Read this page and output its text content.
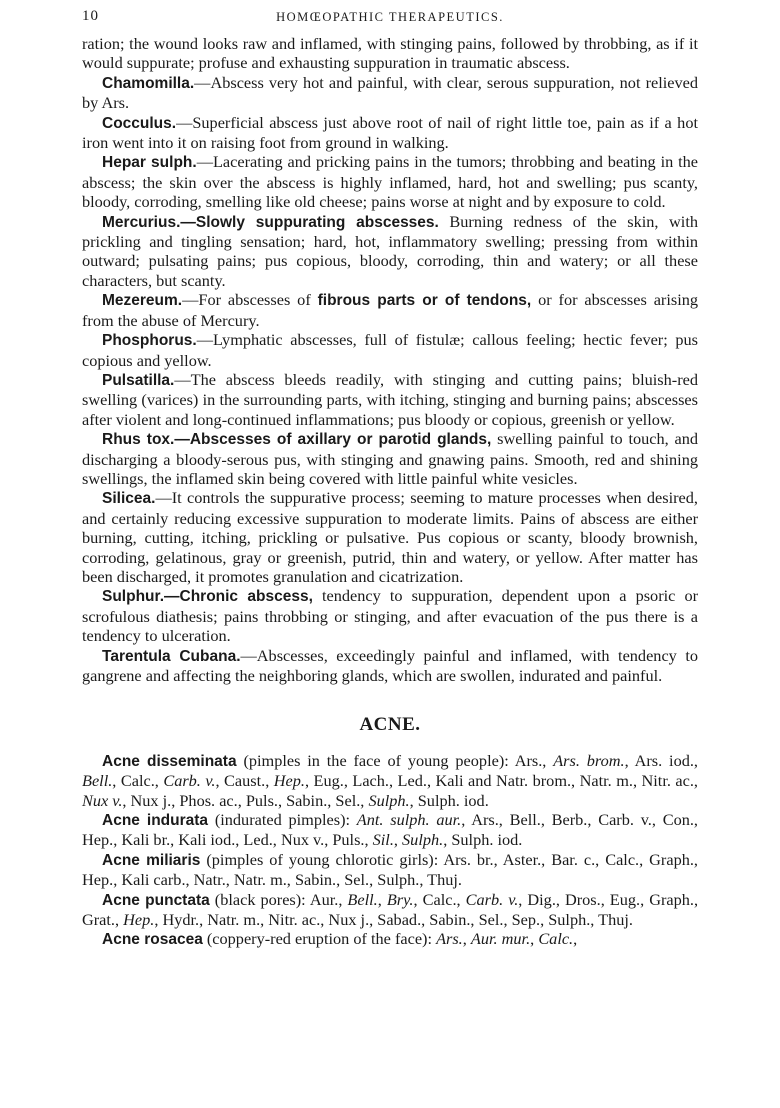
10	HOMŒOPATHIC THERAPEUTICS.

ration; the wound looks raw and inflamed, with stinging pains, followed by throbbing, as if it would suppurate; profuse and exhausting suppuration in traumatic abscess.

Chamomilla.—Abscess very hot and painful, with clear, serous suppuration, not relieved by Ars.

Cocculus.—Superficial abscess just above root of nail of right little toe, pain as if a hot iron went into it on raising foot from ground in walking.

Hepar sulph.—Lacerating and pricking pains in the tumors; throbbing and beating in the abscess; the skin over the abscess is highly inflamed, hard, hot and swelling; pus scanty, bloody, corroding, smelling like old cheese; pains worse at night and by exposure to cold.

Mercurius.—Slowly suppurating abscesses. Burning redness of the skin, with prickling and tingling sensation; hard, hot, inflammatory swelling; pressing from within outward; pulsating pains; pus copious, bloody, corroding, thin and watery; or all these characters, but scanty.

Mezereum.—For abscesses of fibrous parts or of tendons, or for abscesses arising from the abuse of Mercury.

Phosphorus.—Lymphatic abscesses, full of fistulæ; callous feeling; hectic fever; pus copious and yellow.

Pulsatilla.—The abscess bleeds readily, with stinging and cutting pains; bluish-red swelling (varices) in the surrounding parts, with itching, stinging and burning pains; abscesses after violent and long-continued inflammations; pus bloody or copious, greenish or yellow.

Rhus tox.—Abscesses of axillary or parotid glands, swelling painful to touch, and discharging a bloody-serous pus, with stinging and gnawing pains. Smooth, red and shining swellings, the inflamed skin being covered with little painful white vesicles.

Silicea.—It controls the suppurative process; seeming to mature processes when desired, and certainly reducing excessive suppuration to moderate limits. Pains of abscess are either burning, cutting, itching, prickling or pulsative. Pus copious or scanty, bloody brownish, corroding, gelatinous, gray or greenish, putrid, thin and watery, or yellow. After matter has been discharged, it promotes granulation and cicatrization.

Sulphur.—Chronic abscess, tendency to suppuration, dependent upon a psoric or scrofulous diathesis; pains throbbing or stinging, and after evacuation of the pus there is a tendency to ulceration.

Tarentula Cubana.—Abscesses, exceedingly painful and inflamed, with tendency to gangrene and affecting the neighboring glands, which are swollen, indurated and painful.

ACNE.

Acne disseminata (pimples in the face of young people): Ars., Ars. brom., Ars. iod., Bell., Calc., Carb. v., Caust., Hep., Eug., Lach., Led., Kali and Natr. brom., Natr. m., Nitr. ac., Nux v., Nux j., Phos. ac., Puls., Sabin., Sel., Sulph., Sulph. iod.

Acne indurata (indurated pimples): Ant. sulph. aur., Ars., Bell., Berb., Carb. v., Con., Hep., Kali br., Kali iod., Led., Nux v., Puls., Sil., Sulph., Sulph. iod.

Acne miliaris (pimples of young chlorotic girls): Ars. br., Aster., Bar. c., Calc., Graph., Hep., Kali carb., Natr., Natr. m., Sabin., Sel., Sulph., Thuj.

Acne punctata (black pores): Aur., Bell., Bry., Calc., Carb. v., Dig., Dros., Eug., Graph., Grat., Hep., Hydr., Natr. m., Nitr. ac., Nux j., Sabad., Sabin., Sel., Sep., Sulph., Thuj.

Acne rosacea (coppery-red eruption of the face): Ars., Aur. mur., Calc.,
